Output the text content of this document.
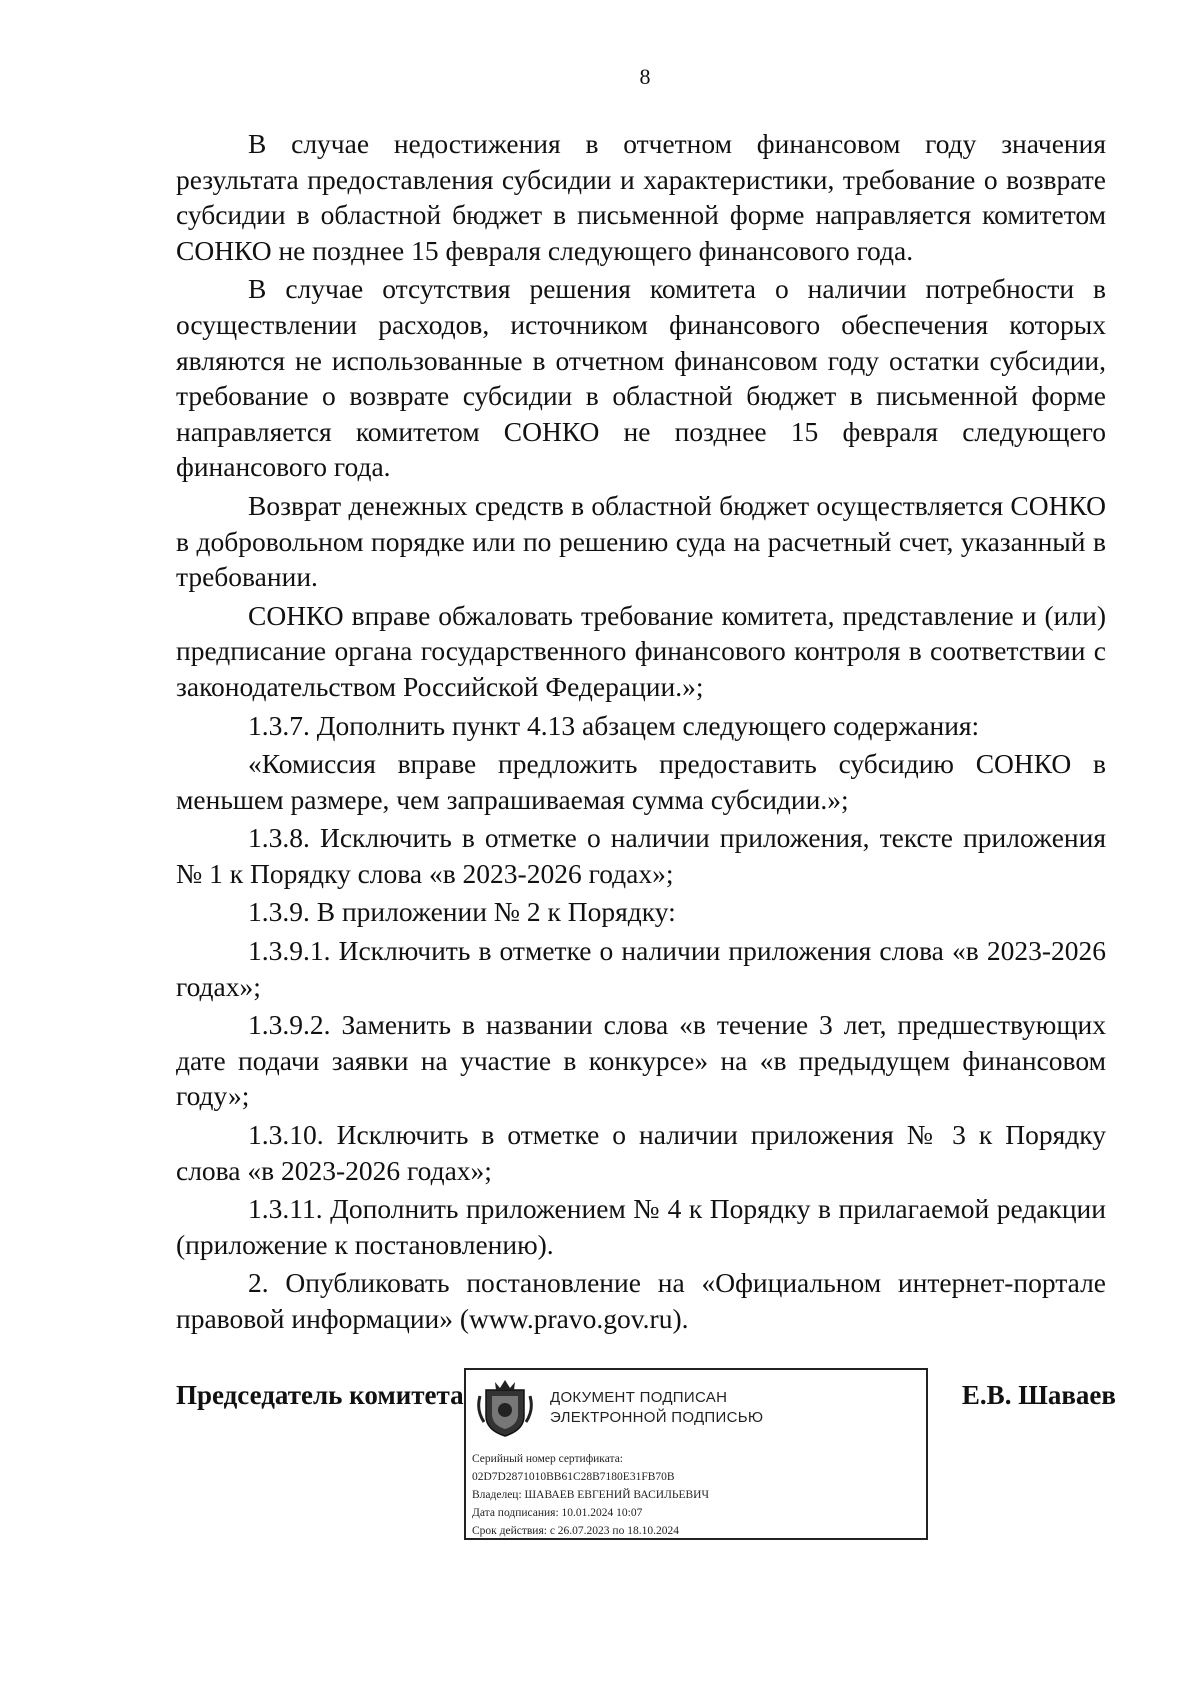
8

В случае недостижения в отчетном финансовом году значения результата предоставления субсидии и характеристики, требование о возврате субсидии в областной бюджет в письменной форме направляется комитетом СОНКО не позднее 15 февраля следующего финансового года.

В случае отсутствия решения комитета о наличии потребности в осуществлении расходов, источником финансового обеспечения которых являются не использованные в отчетном финансовом году остатки субсидии, требование о возврате субсидии в областной бюджет в письменной форме направляется комитетом СОНКО не позднее 15 февраля следующего финансового года.

Возврат денежных средств в областной бюджет осуществляется СОНКО в добровольном порядке или по решению суда на расчетный счет, указанный в требовании.

СОНКО вправе обжаловать требование комитета, представление и (или) предписание органа государственного финансового контроля в соответствии с законодательством Российской Федерации.»;

1.3.7. Дополнить пункт 4.13 абзацем следующего содержания:

«Комиссия вправе предложить предоставить субсидию СОНКО в меньшем размере, чем запрашиваемая сумма субсидии.»;

1.3.8. Исключить в отметке о наличии приложения, тексте приложения № 1 к Порядку слова «в 2023-2026 годах»;

1.3.9. В приложении № 2 к Порядку:

1.3.9.1. Исключить в отметке о наличии приложения слова «в 2023-2026 годах»;

1.3.9.2. Заменить в названии слова «в течение 3 лет, предшествующих дате подачи заявки на участие в конкурсе» на «в предыдущем финансовом году»;

1.3.10. Исключить в отметке о наличии приложения № 3 к Порядку слова «в 2023-2026 годах»;

1.3.11. Дополнить приложением № 4 к Порядку в прилагаемой редакции (приложение к постановлению).

2. Опубликовать постановление на «Официальном интернет-портале правовой информации» (www.pravo.gov.ru).

Председатель комитета	ДОКУМЕНТ ПОДПИСАН
ЭЛЕКТРОННОЙ ПОДПИСЬЮ
Серийный номер сертификата:
02D7D2871010BB61C28B7180E31FB70B
Владелец: ШАВАЕВ ЕВГЕНИЙ ВАСИЛЬЕВИЧ
Дата подписания: 10.01.2024 10:07
Срок действия: с 26.07.2023 по 18.10.2024
Е.В. Шаваев
